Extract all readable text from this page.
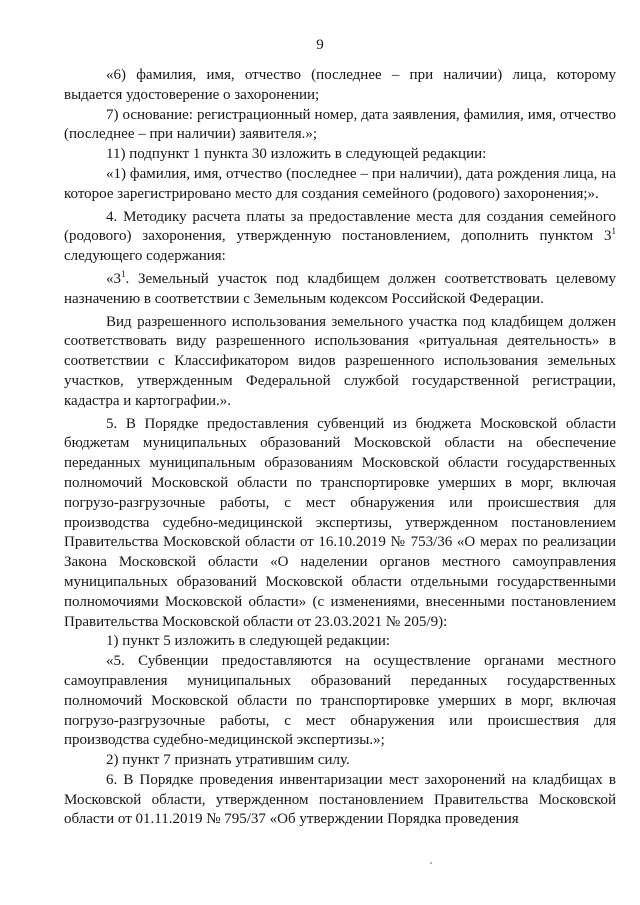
9

«6) фамилия, имя, отчество (последнее – при наличии) лица, которому выдается удостоверение о захоронении;

7) основание: регистрационный номер, дата заявления, фамилия, имя, отчество (последнее – при наличии) заявителя.»;

11) подпункт 1 пункта 30 изложить в следующей редакции:

«1) фамилия, имя, отчество (последнее – при наличии), дата рождения лица, на которое зарегистрировано место для создания семейного (родового) захоронения;».

4. Методику расчета платы за предоставление места для создания семейного (родового) захоронения, утвержденную постановлением, дополнить пунктом $3^1$ следующего содержания:

«$3^1$. Земельный участок под кладбищем должен соответствовать целевому назначению в соответствии с Земельным кодексом Российской Федерации.

Вид разрешенного использования земельного участка под кладбищем должен соответствовать виду разрешенного использования «ритуальная деятельность» в соответствии с Классификатором видов разрешенного использования земельных участков, утвержденным Федеральной службой государственной регистрации, кадастра и картографии.».

5. В Порядке предоставления субвенций из бюджета Московской области бюджетам муниципальных образований Московской области на обеспечение переданных муниципальным образованиям Московской области государственных полномочий Московской области по транспортировке умерших в морг, включая погрузо-разгрузочные работы, с мест обнаружения или происшествия для производства судебно-медицинской экспертизы, утвержденном постановлением Правительства Московской области от 16.10.2019 № 753/36 «О мерах по реализации Закона Московской области «О наделении органов местного самоуправления муниципальных образований Московской области отдельными государственными полномочиями Московской области» (с изменениями, внесенными постановлением Правительства Московской области от 23.03.2021 № 205/9):

1) пункт 5 изложить в следующей редакции:

«5. Субвенции предоставляются на осуществление органами местного самоуправления муниципальных образований переданных государственных полномочий Московской области по транспортировке умерших в морг, включая погрузо-разгрузочные работы, с мест обнаружения или происшествия для производства судебно-медицинской экспертизы.»;

2) пункт 7 признать утратившим силу.

6. В Порядке проведения инвентаризации мест захоронений на кладбищах в Московской области, утвержденном постановлением Правительства Московской области от 01.11.2019 № 795/37 «Об утверждении Порядка проведения
